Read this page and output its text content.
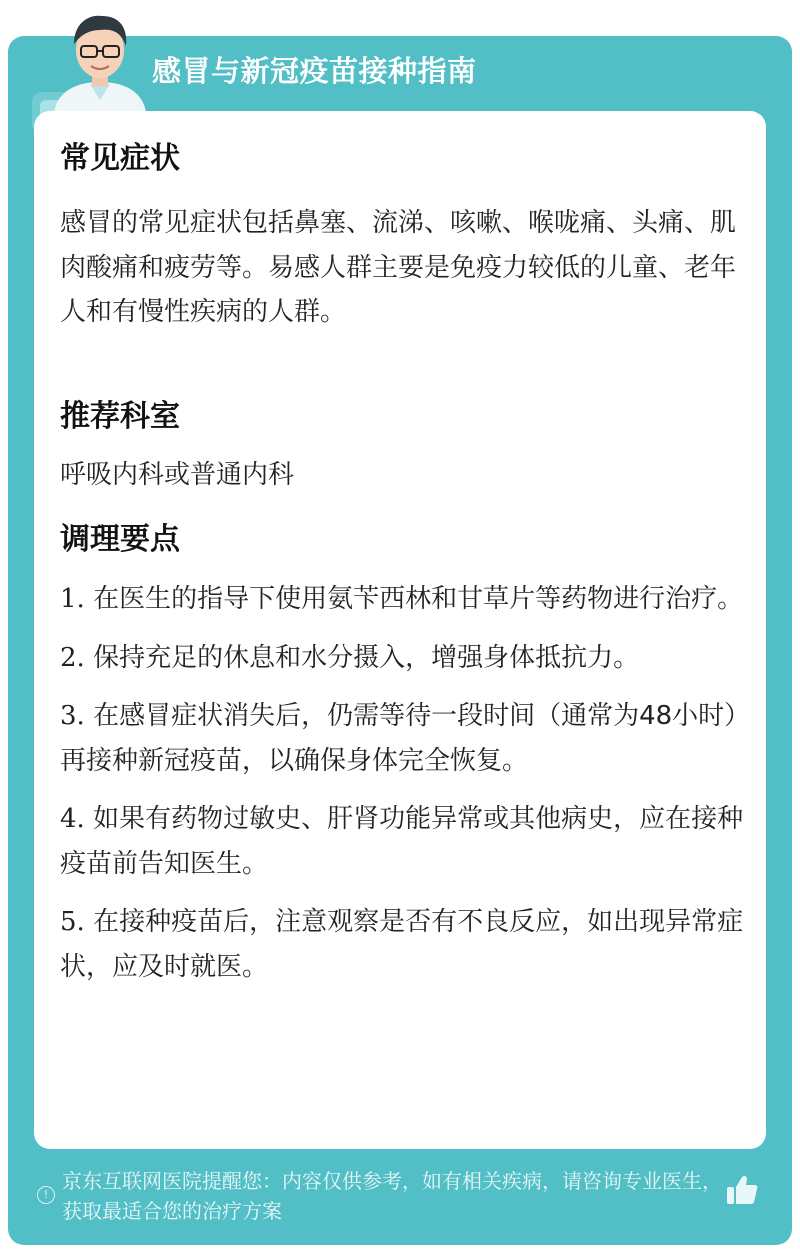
感冒与新冠疫苗接种指南
常见症状

感冒的常见症状包括鼻塞、流涕、咳嗽、喉咙痛、头痛、肌肉酸痛和疲劳等。易感人群主要是免疫力较低的儿童、老年人和有慢性疾病的人群。

推荐科室

呼吸内科或普通内科

调理要点

1. 在医生的指导下使用氨苄西林和甘草片等药物进行治疗。

2. 保持充足的休息和水分摄入，增强身体抵抗力。

3. 在感冒症状消失后，仍需等待一段时间（通常为48小时）再接种新冠疫苗，以确保身体完全恢复。

4. 如果有药物过敏史、肝肾功能异常或其他病史，应在接种疫苗前告知医生。

5. 在接种疫苗后，注意观察是否有不良反应，如出现异常症状，应及时就医。

!
京东互联网医院提醒您：内容仅供参考，如有相关疾病，请咨询专业医生，获取最适合您的治疗方案
